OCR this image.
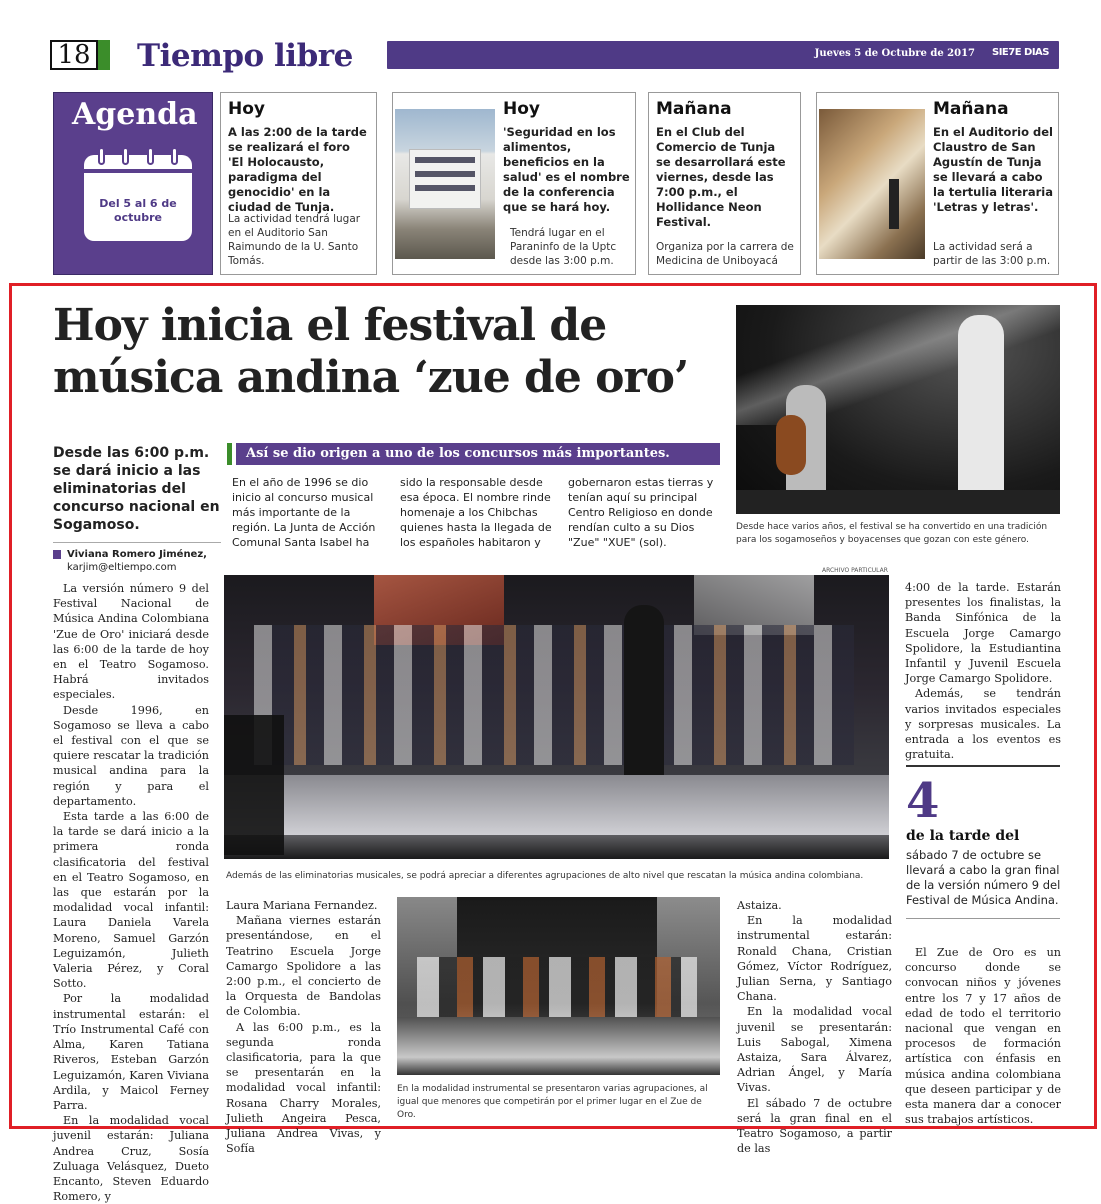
18 Tiempo libre	Jueves 5 de Octubre de 2017 SIE7E DIAS
Agenda
Del 5 al 6 de octubre
Hoy
A las 2:00 de la tarde se realizará el foro 'El Holocausto, paradigma del genocidio' en la ciudad de Tunja.
La actividad tendrá lugar en el Auditorio San Raimundo de la U. Santo Tomás.
Hoy
'Seguridad en los alimentos, beneficios en la salud' es el nombre de la conferencia que se hará hoy.
Tendrá lugar en el Paraninfo de la Uptc desde las 3:00 p.m.
Mañana
En el Club del Comercio de Tunja se desarrollará este viernes, desde las 7:00 p.m., el Hollidance Neon Festival.
Organiza por la carrera de Medicina de Uniboyacá
Mañana
En el Auditorio del Claustro de San Agustín de Tunja se llevará a cabo la tertulia literaria 'Letras y letras'.
La actividad será a partir de las 3:00 p.m.
Hoy inicia el festival de música andina ‘zue de oro’
Desde las 6:00 p.m. se dará inicio a las eliminatorias del concurso nacional en Sogamoso.
Viviana Romero Jiménez,
karjim@eltiempo.com
Así se dio origen a uno de los concursos más importantes.
En el año de 1996 se dio inicio al concurso musical más importante de la región. La Junta de Acción Comunal Santa Isabel ha
sido la responsable desde esa época. El nombre rinde homenaje a los Chibchas quienes hasta la llegada de los españoles habitaron y
gobernaron estas tierras y tenían aquí su principal Centro Religioso en donde rendían culto a su Dios "Zue" "XUE" (sol).
Desde hace varios años, el festival se ha convertido en una tradición para los sogamoseños y boyacenses que gozan con este género.
ARCHIVO PARTICULAR
Además de las eliminatorias musicales, se podrá apreciar a diferentes agrupaciones de alto nivel que rescatan la música andina colombiana.
En la modalidad instrumental se presentaron varias agrupaciones, al igual que menores que competirán por el primer lugar en el Zue de Oro.

La versión número 9 del Festival Nacional de Música Andina Colombiana 'Zue de Oro' iniciará desde las 6:00 de la tarde de hoy en el Teatro Sogamoso. Habrá invitados especiales.

Desde 1996, en Sogamoso se lleva a cabo el festival con el que se quiere rescatar la tradición musical andina para la región y para el departamento.

Esta tarde a las 6:00 de la tarde se dará inicio a la primera ronda clasificatoria del festival en el Teatro Sogamoso, en las que estarán por la modalidad vocal infantil: Laura Daniela Varela Moreno, Samuel Garzón Leguizamón, Julieth Valeria Pérez, y Coral Sotto.

Por la modalidad instrumental estarán: el Trío Instrumental Café con Alma, Karen Tatiana Riveros, Esteban Garzón Leguizamón, Karen Viviana Ardila, y Maicol Ferney Parra.

En la modalidad vocal juvenil estarán: Juliana Andrea Cruz, Sosía Zuluaga Velásquez, Dueto Encanto, Steven Eduardo Romero, y

Laura Mariana Fernandez.

Mañana viernes estarán presentándose, en el Teatrino Escuela Jorge Camargo Spolidore a las 2:00 p.m., el concierto de la Orquesta de Bandolas de Colombia.

A las 6:00 p.m., es la segunda ronda clasificatoria, para la que se presentarán en la modalidad vocal infantil: Rosana Charry Morales, Julieth Angeira Pesca, Juliana Andrea Vivas, y Sofía

Astaiza.

En la modalidad instrumental estarán: Ronald Chana, Cristian Gómez, Víctor Rodríguez, Julian Serna, y Santiago Chana.

En la modalidad vocal juvenil se presentarán: Luis Sabogal, Ximena Astaiza, Sara Álvarez, Adrian Ángel, y María Vivas.

El sábado 7 de octubre será la gran final en el Teatro Sogamoso, a partir de las

4:00 de la tarde. Estarán presentes los finalistas, la Banda Sinfónica de la Escuela Jorge Camargo Spolidore, la Estudiantina Infantil y Juvenil Escuela Jorge Camargo Spolidore.

Además, se tendrán varios invitados especiales y sorpresas musicales. La entrada a los eventos es gratuita.

4
de la tarde del
sábado 7 de octubre se llevará a cabo la gran final de la versión número 9 del Festival de Música Andina.

El Zue de Oro es un concurso donde se convocan niños y jóvenes entre los 7 y 17 años de edad de todo el territorio nacional que vengan en procesos de formación artística con énfasis en música andina colombiana que deseen participar y de esta manera dar a conocer sus trabajos artísticos.
